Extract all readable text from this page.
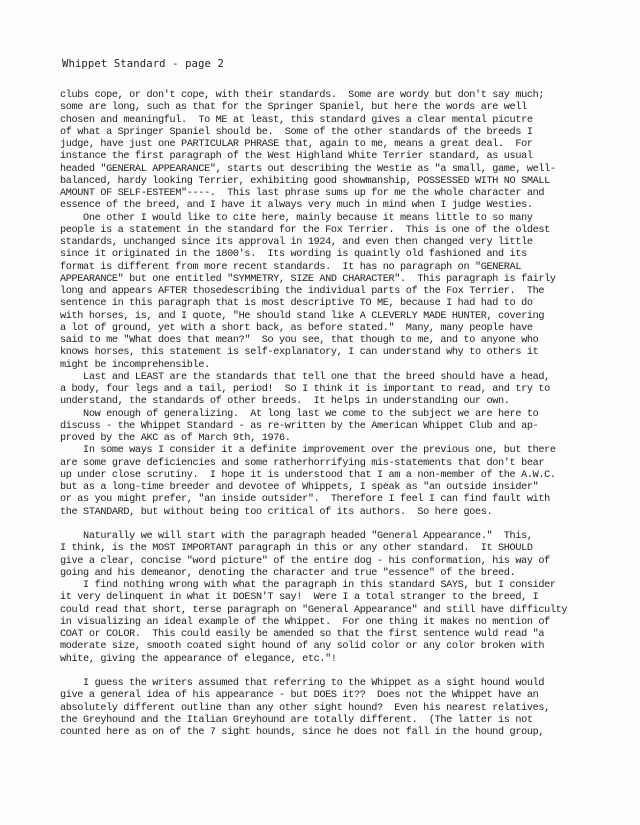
Whippet Standard - page 2
clubs cope, or don't cope, with their standards.  Some are wordy but don't say much;
some are long, such as that for the Springer Spaniel, but here the words are well
chosen and meaningful.  To ME at least, this standard gives a clear mental picutre
of what a Springer Spaniel should be.  Some of the other standards of the breeds I
judge, have just one PARTICULAR PHRASE that, again to me, means a great deal.  For
instance the first paragraph of the West Highland White Terrier standard, as usual
headed "GENERAL APPEARANCE", starts out describing the Westie as "a small, game, well-
balanced, hardy looking Terrier, exhibiting good showmanship, POSSESSED WITH NO SMALL
AMOUNT OF SELF-ESTEEM"----.  This last phrase sums up for me the whole character and
essence of the breed, and I have it always very much in mind when I judge Westies.
One other I would like to cite here, mainly because it means little to so many
people is a statement in the standard for the Fox Terrier.  This is one of the oldest
standards, unchanged since its approval in 1924, and even then changed very little
since it originated in the 1800's.  Its wording is quaintly old fashioned and its
format is different from more recent standards.  It has no paragraph on "GENERAL
APPEARANCE" but one entitled "SYMMETRY, SIZE AND CHARACTER".  This paragraph is fairly
long and appears AFTER thosedescribing the individual parts of the Fox Terrier.  The
sentence in this paragraph that is most descriptive TO ME, because I had had to do
with horses, is, and I quote, "He should stand like A CLEVERLY MADE HUNTER, covering
a lot of ground, yet with a short back, as before stated."  Many, many people have
said to me "What does that mean?"  So you see, that though to me, and to anyone who
knows horses, this statement is self-explanatory, I can understand why to others it
might be incomprehensible.
Last and LEAST are the standards that tell one that the breed should have a head,
a body, four legs and a tail, period!  So I think it is important to read, and try to
understand, the standards of other breeds.  It helps in understanding our own.
Now enough of generalizing.  At long last we come to the subject we are here to
discuss - the Whippet Standard - as re-written by the American Whippet Club and ap-
proved by the AKC as of March 9th, 1976.
In some ways I consider it a definite improvement over the previous one, but there
are some grave deficiencies and some ratherhorrifying mis-statements that don't bear
up under close scrutiny.  I hope it is understood that I am a non-member of the A.W.C.
but as a long-time breeder and devotee of Whippets, I speak as "an outside insider"
or as you might prefer, "an inside outsider".  Therefore I feel I can find fault with
the STANDARD, but without being too critical of its authors.  So here goes.
Naturally we will start with the paragraph headed "General Appearance."  This,
I think, is the MOST IMPORTANT paragraph in this or any other standard.  It SHOULD
give a clear, concise "word picture" of the entire dog - his conformation, his way of
going and his demeanor, denoting the character and true "essence" of the breed.
I find nothing wrong with what the paragraph in this standard SAYS, but I consider
it very delinquent in what it DOESN'T say!  Were I a total stranger to the breed, I
could read that short, terse paragraph on "General Appearance" and still have difficulty
in visualizing an ideal example of the Whippet.  For one thing it makes no mention of
COAT or COLOR.  This could easily be amended so that the first sentence wuld read "a
moderate size, smooth coated sight hound of any solid color or any color broken with
white, giving the appearance of elegance, etc."!
I guess the writers assumed that referring to the Whippet as a sight hound would
give a general idea of his appearance - but DOES it??  Does not the Whippet have an
absolutely different outline than any other sight hound?  Even his nearest relatives,
the Greyhound and the Italian Greyhound are totally different.  (The latter is not
counted here as on of the 7 sight hounds, since he does not fall in the hound group,
